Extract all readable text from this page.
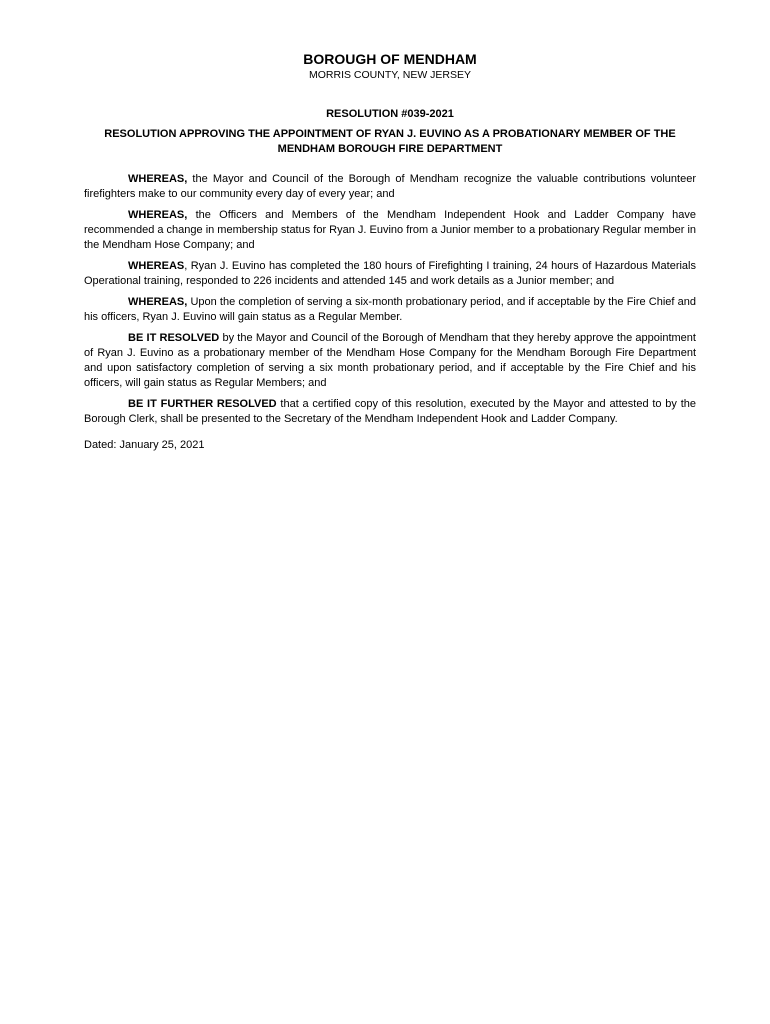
BOROUGH OF MENDHAM

MORRIS COUNTY, NEW JERSEY

RESOLUTION #039-2021

RESOLUTION APPROVING THE APPOINTMENT OF RYAN J. EUVINO AS A PROBATIONARY MEMBER OF THE MENDHAM BOROUGH FIRE DEPARTMENT

WHEREAS, the Mayor and Council of the Borough of Mendham recognize the valuable contributions volunteer firefighters make to our community every day of every year; and

WHEREAS, the Officers and Members of the Mendham Independent Hook and Ladder Company have recommended a change in membership status for Ryan J. Euvino from a Junior member to a probationary Regular member in the Mendham Hose Company; and

WHEREAS, Ryan J. Euvino has completed the 180 hours of Firefighting I training, 24 hours of Hazardous Materials Operational training, responded to 226 incidents and attended 145 and work details as a Junior member; and

WHEREAS, Upon the completion of serving a six-month probationary period, and if acceptable by the Fire Chief and his officers, Ryan J. Euvino will gain status as a Regular Member.

BE IT RESOLVED by the Mayor and Council of the Borough of Mendham that they hereby approve the appointment of Ryan J. Euvino as a probationary member of the Mendham Hose Company for the Mendham Borough Fire Department and upon satisfactory completion of serving a six month probationary period, and if acceptable by the Fire Chief and his officers, will gain status as Regular Members; and

BE IT FURTHER RESOLVED that a certified copy of this resolution, executed by the Mayor and attested to by the Borough Clerk, shall be presented to the Secretary of the Mendham Independent Hook and Ladder Company.

Dated: January 25, 2021
